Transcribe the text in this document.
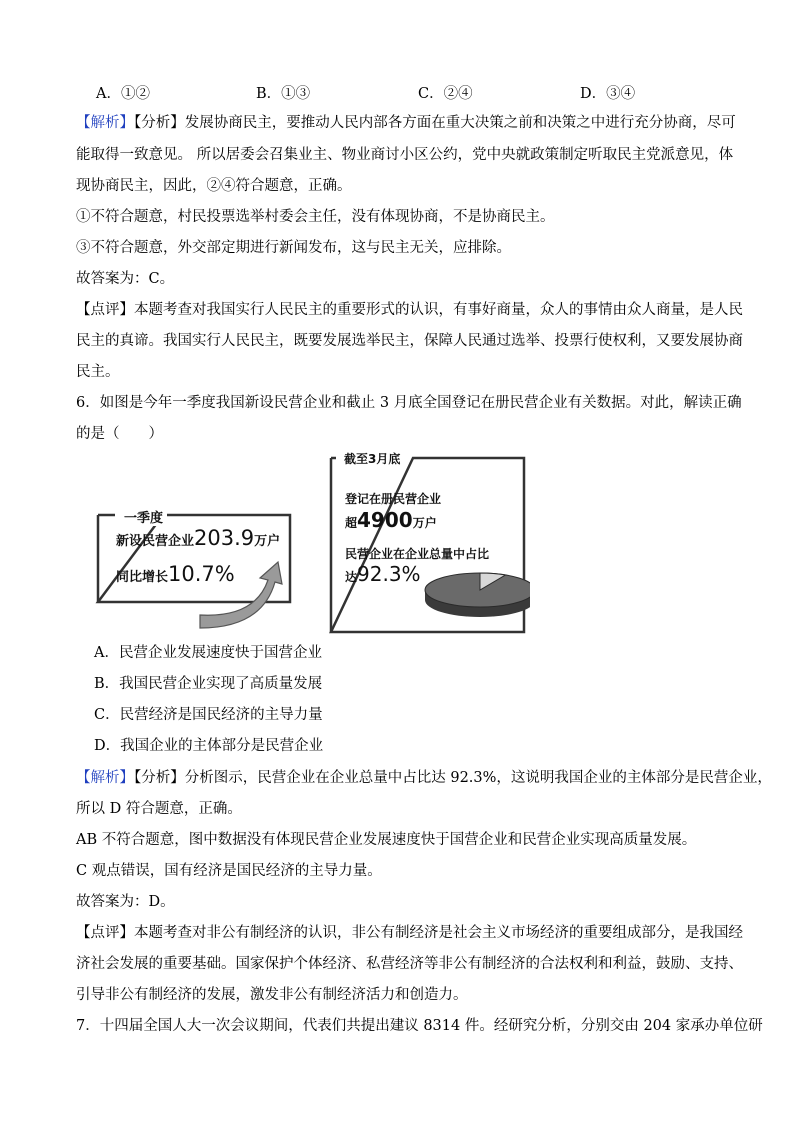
A．①②	B．①③	C．②④	D．③④
【解析】【分析】发展协商民主，要推动人民内部各方面在重大决策之前和决策之中进行充分协商，尽可
能取得一致意见。 所以居委会召集业主、物业商讨小区公约，党中央就政策制定听取民主党派意见，体
现协商民主，因此，②④符合题意，正确。
①不符合题意，村民投票选举村委会主任，没有体现协商，不是协商民主。
③不符合题意，外交部定期进行新闻发布，这与民主无关，应排除。
故答案为：C。
【点评】本题考查对我国实行人民民主的重要形式的认识，有事好商量，众人的事情由众人商量，是人民
民主的真谛。我国实行人民民主，既要发展选举民主，保障人民通过选举、投票行使权利，又要发展协商
民主。
6．如图是今年一季度我国新设民营企业和截止 3 月底全国登记在册民营企业有关数据。对此，解读正确
的是（　　）
一季度
新设民营企业203.9万户
同比增长10.7%
截至3月底
登记在册民营企业
超4900万户
民营企业在企业总量中占比
达92.3%
A．民营企业发展速度快于国营企业
B．我国民营企业实现了高质量发展
C．民营经济是国民经济的主导力量
D．我国企业的主体部分是民营企业
【解析】【分析】分析图示，民营企业在企业总量中占比达 92.3%，这说明我国企业的主体部分是民营企业，
所以 D 符合题意，正确。
AB 不符合题意，图中数据没有体现民营企业发展速度快于国营企业和民营企业实现高质量发展。
C 观点错误，国有经济是国民经济的主导力量。
故答案为：D。
【点评】本题考查对非公有制经济的认识，非公有制经济是社会主义市场经济的重要组成部分，是我国经
济社会发展的重要基础。国家保护个体经济、私营经济等非公有制经济的合法权利和利益，鼓励、支持、
引导非公有制经济的发展，激发非公有制经济活力和创造力。
7．十四届全国人大一次会议期间，代表们共提出建议 8314 件。经研究分析，分别交由 204 家承办单位研
